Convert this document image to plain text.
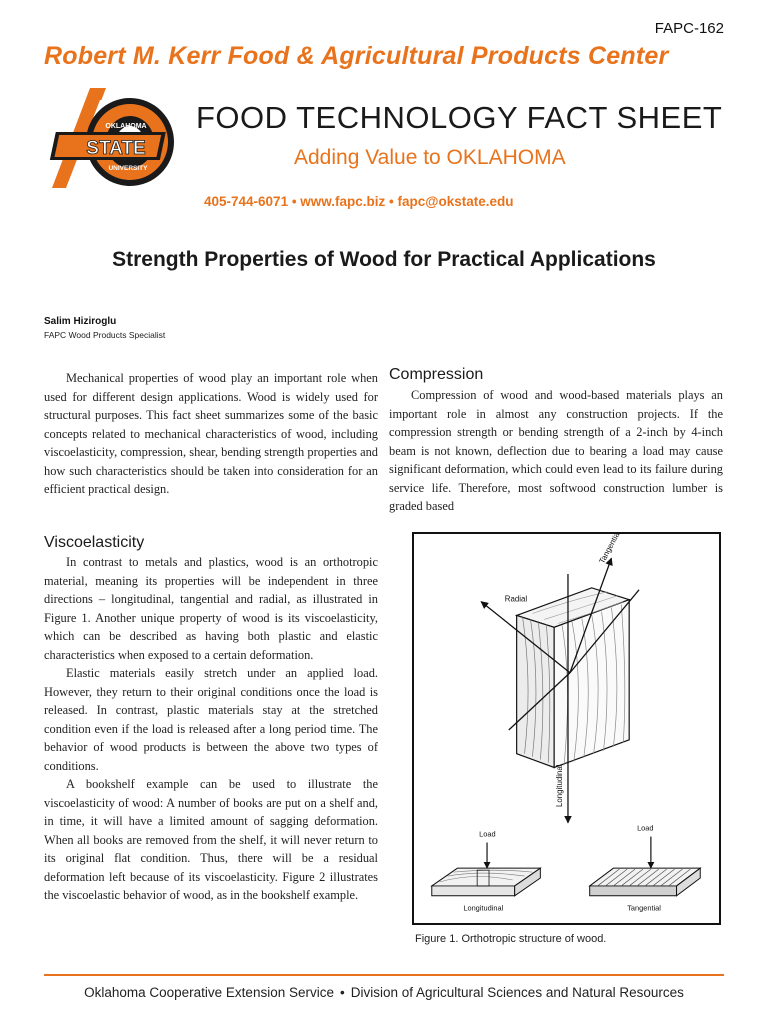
FAPC-162
Robert M. Kerr Food & Agricultural Products Center
OKLAHOMA
STATE
UNIVERSITY
FOOD TECHNOLOGY FACT SHEET
Adding Value to OKLAHOMA
405-744-6071 • www.fapc.biz • fapc@okstate.edu
Strength Properties of Wood for Practical Applications
Salim Hiziroglu
FAPC Wood Products Specialist

Mechanical properties of wood play an important role when used for different design applications. Wood is widely used for structural purposes. This fact sheet summarizes some of the basic concepts related to mechanical characteristics of wood, including viscoelasticity, compression, shear, bending strength properties and how such characteristics should be taken into consideration for an efficient practical design.

Viscoelasticity

In contrast to metals and plastics, wood is an orthotropic material, meaning its properties will be independent in three directions – longitudinal, tangential and radial, as illustrated in Figure 1. Another unique property of wood is its viscoelasticity, which can be described as having both plastic and elastic characteristics when exposed to a certain deformation.

Elastic materials easily stretch under an applied load. However, they return to their original conditions once the load is released. In contrast, plastic materials stay at the stretched condition even if the load is released after a long period time. The behavior of wood products is between the above two types of conditions.

A bookshelf example can be used to illustrate the viscoelasticity of wood: A number of books are put on a shelf and, in time, it will have a limited amount of sagging deformation. When all books are removed from the shelf, it will never return to its original flat condition. Thus, there will be a residual deformation left because of its viscoelasticity. Figure 2 illustrates the viscoelastic behavior of wood, as in the bookshelf example.

Compression

Compression of wood and wood-based materials plays an important role in almost any construction projects. If the compression strength or bending strength of a 2-inch by 4-inch beam is not known, deflection due to bearing a load may cause significant deformation, which could even lead to its failure during service life. Therefore, most softwood construction lumber is graded based

Tangential
Radial
Longitudinal
Load
Longitudinal
Load
Tangential
Figure 1. Orthotropic structure of wood.
Oklahoma Cooperative Extension Service • Division of Agricultural Sciences and Natural Resources
